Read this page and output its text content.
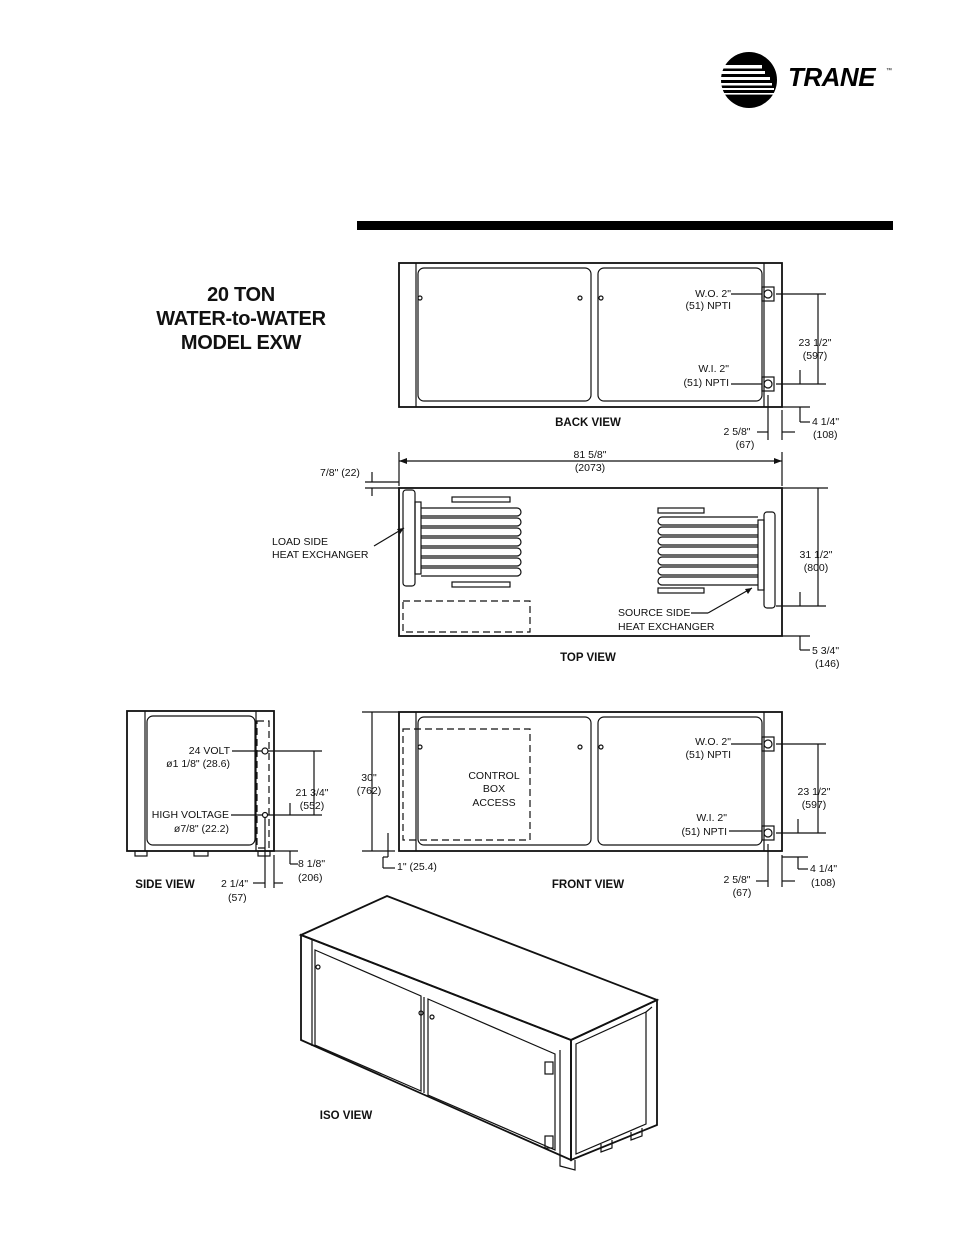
TRANE ™
20 TON
WATER-to-WATER
MODEL EXW
W.O. 2"
(51) NPTI
W.I. 2"
(51) NPTI
23 1/2"
(597)
2 5/8"
(67)
4 1/4"
(108)
BACK VIEW
81 5/8"
(2073)
7/8" (22)
LOAD SIDE
HEAT EXCHANGER
SOURCE SIDE
HEAT EXCHANGER
31 1/2"
(800)
5 3/4"
(146)
TOP VIEW
24 VOLT
ø1 1/8" (28.6)
HIGH VOLTAGE
ø7/8" (22.2)
21 3/4"
(552)
8 1/8"
(206)
2 1/4"
(57)
SIDE VIEW
CONTROL
BOX
ACCESS
W.O. 2"
(51) NPTI
W.I. 2"
(51) NPTI
30"
(762)
1" (25.4)
23 1/2"
(597)
2 5/8"
(67)
4 1/4"
(108)
FRONT VIEW
ISO VIEW
